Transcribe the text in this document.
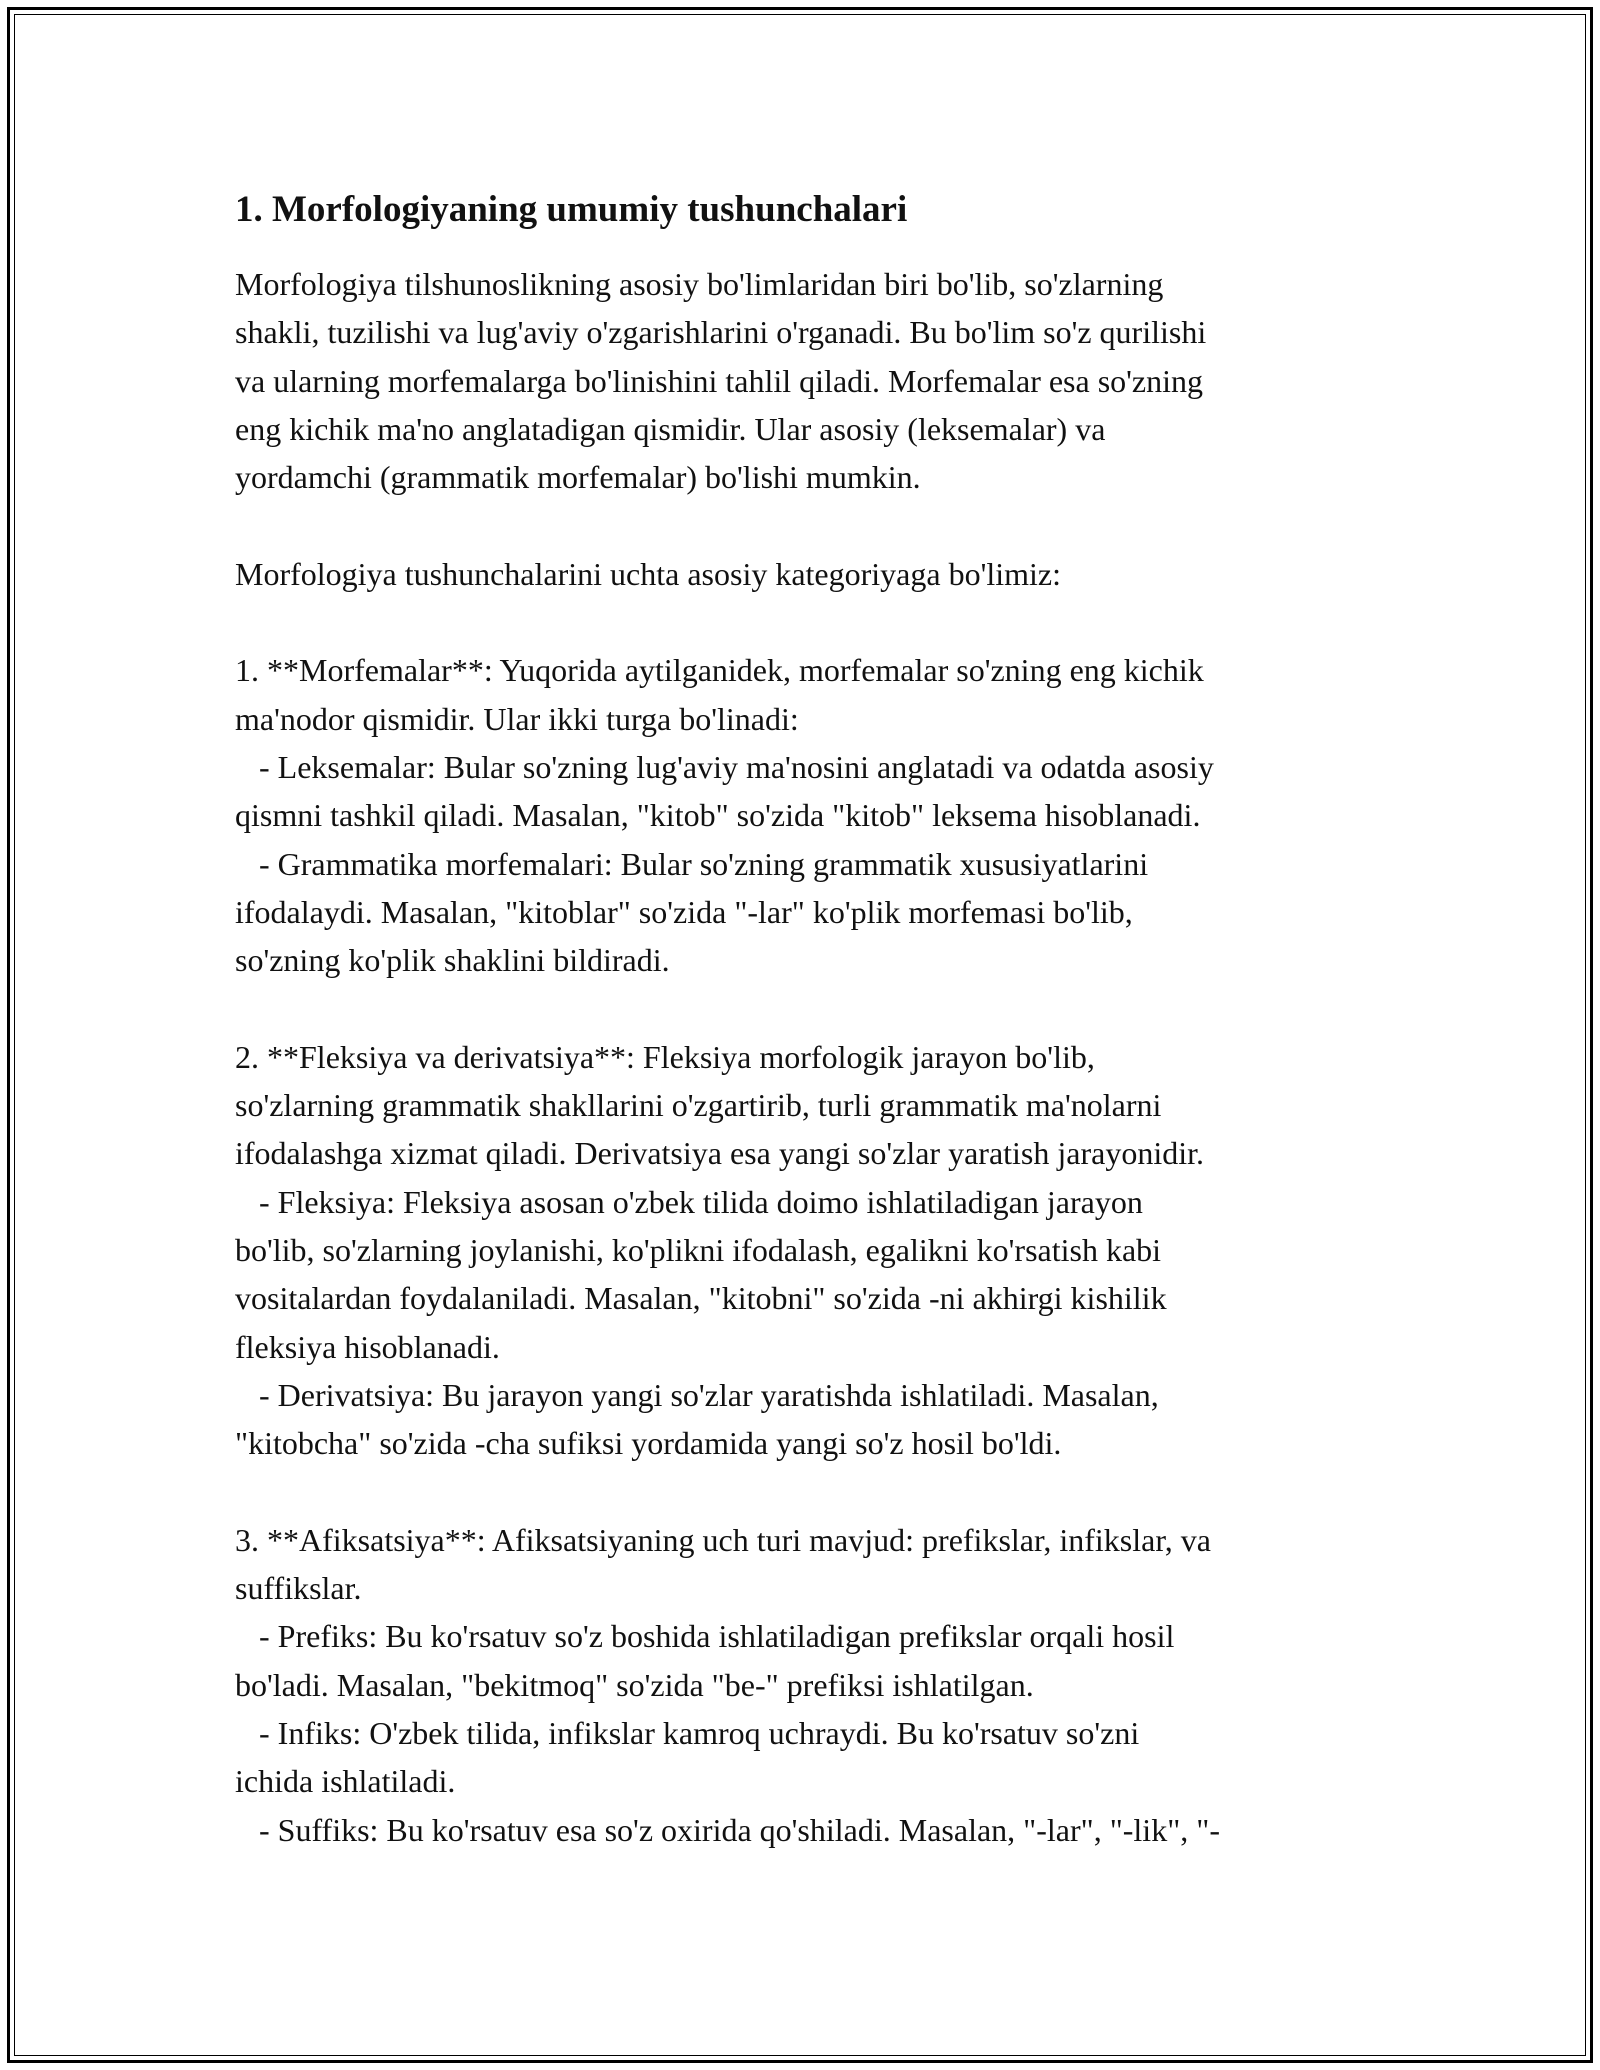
1. Morfologiyaning umumiy tushunchalari
Morfologiya tilshunoslikning asosiy bo'limlaridan biri bo'lib, so'zlarning
shakli, tuzilishi va lug'aviy o'zgarishlarini o'rganadi. Bu bo'lim so'z qurilishi
va ularning morfemalarga bo'linishini tahlil qiladi. Morfemalar esa so'zning
eng kichik ma'no anglatadigan qismidir. Ular asosiy (leksemalar) va
yordamchi (grammatik morfemalar) bo'lishi mumkin.
Morfologiya tushunchalarini uchta asosiy kategoriyaga bo'limiz:
1. **Morfemalar**: Yuqorida aytilganidek, morfemalar so'zning eng kichik
ma'nodor qismidir. Ular ikki turga bo'linadi:
- Leksemalar: Bular so'zning lug'aviy ma'nosini anglatadi va odatda asosiy
qismni tashkil qiladi. Masalan, "kitob" so'zida "kitob" leksema hisoblanadi.
- Grammatika morfemalari: Bular so'zning grammatik xususiyatlarini
ifodalaydi. Masalan, "kitoblar" so'zida "-lar" ko'plik morfemasi bo'lib,
so'zning ko'plik shaklini bildiradi.
2. **Fleksiya va derivatsiya**: Fleksiya morfologik jarayon bo'lib,
so'zlarning grammatik shakllarini o'zgartirib, turli grammatik ma'nolarni
ifodalashga xizmat qiladi. Derivatsiya esa yangi so'zlar yaratish jarayonidir.
- Fleksiya: Fleksiya asosan o'zbek tilida doimo ishlatiladigan jarayon
bo'lib, so'zlarning joylanishi, ko'plikni ifodalash, egalikni ko'rsatish kabi
vositalardan foydalaniladi. Masalan, "kitobni" so'zida -ni akhirgi kishilik
fleksiya hisoblanadi.
- Derivatsiya: Bu jarayon yangi so'zlar yaratishda ishlatiladi. Masalan,
"kitobcha" so'zida -cha sufiksi yordamida yangi so'z hosil bo'ldi.
3. **Afiksatsiya**: Afiksatsiyaning uch turi mavjud: prefikslar, infikslar, va
suffikslar.
- Prefiks: Bu ko'rsatuv so'z boshida ishlatiladigan prefikslar orqali hosil
bo'ladi. Masalan, "bekitmoq" so'zida "be-" prefiksi ishlatilgan.
- Infiks: O'zbek tilida, infikslar kamroq uchraydi. Bu ko'rsatuv so'zni
ichida ishlatiladi.
- Suffiks: Bu ko'rsatuv esa so'z oxirida qo'shiladi. Masalan, "-lar", "-lik", "-
